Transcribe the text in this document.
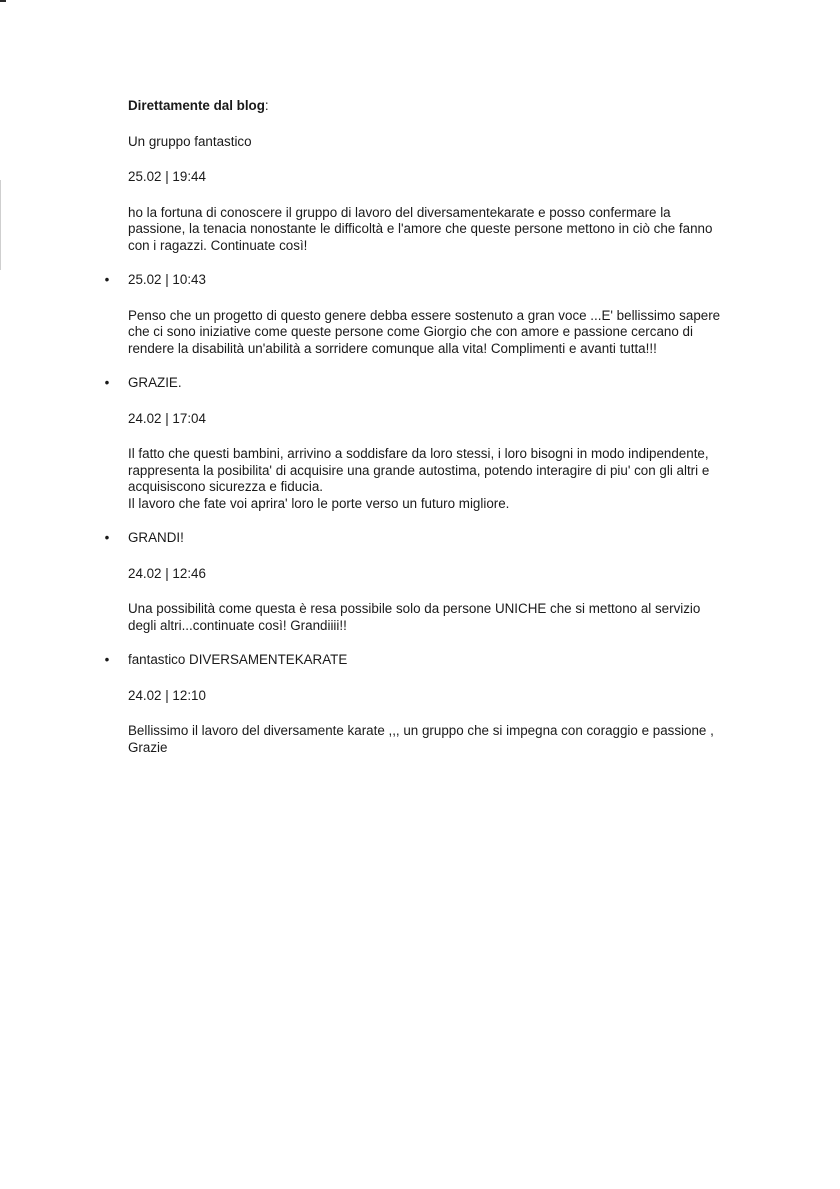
Direttamente dal blog:
Un gruppo fantastico
25.02 | 19:44
ho la fortuna di conoscere il gruppo di lavoro del diversamentekarate e posso confermare la
passione, la tenacia nonostante le difficoltà e l'amore che queste persone mettono in ciò che fanno
con i ragazzi. Continuate così!
• 25.02 | 10:43
Penso che un progetto di questo genere debba essere sostenuto a gran voce ...E' bellissimo sapere
che ci sono iniziative come queste persone come Giorgio che con amore e passione cercano di
rendere la disabilità un'abilità a sorridere comunque alla vita! Complimenti e avanti tutta!!!
• GRAZIE.
24.02 | 17:04
Il fatto che questi bambini, arrivino a soddisfare da loro stessi, i loro bisogni in modo indipendente,
rappresenta la posibilita' di acquisire una grande autostima, potendo interagire di piu' con gli altri e
acquisiscono sicurezza e fiducia.
Il lavoro che fate voi aprira' loro le porte verso un futuro migliore.
• GRANDI!
24.02 | 12:46
Una possibilità come questa è resa possibile solo da persone UNICHE che si mettono al servizio
degli altri...continuate così! Grandiiii!!
• fantastico DIVERSAMENTEKARATE
24.02 | 12:10
Bellissimo il lavoro del diversamente karate ,,, un gruppo che si impegna con coraggio e passione ,
Grazie
